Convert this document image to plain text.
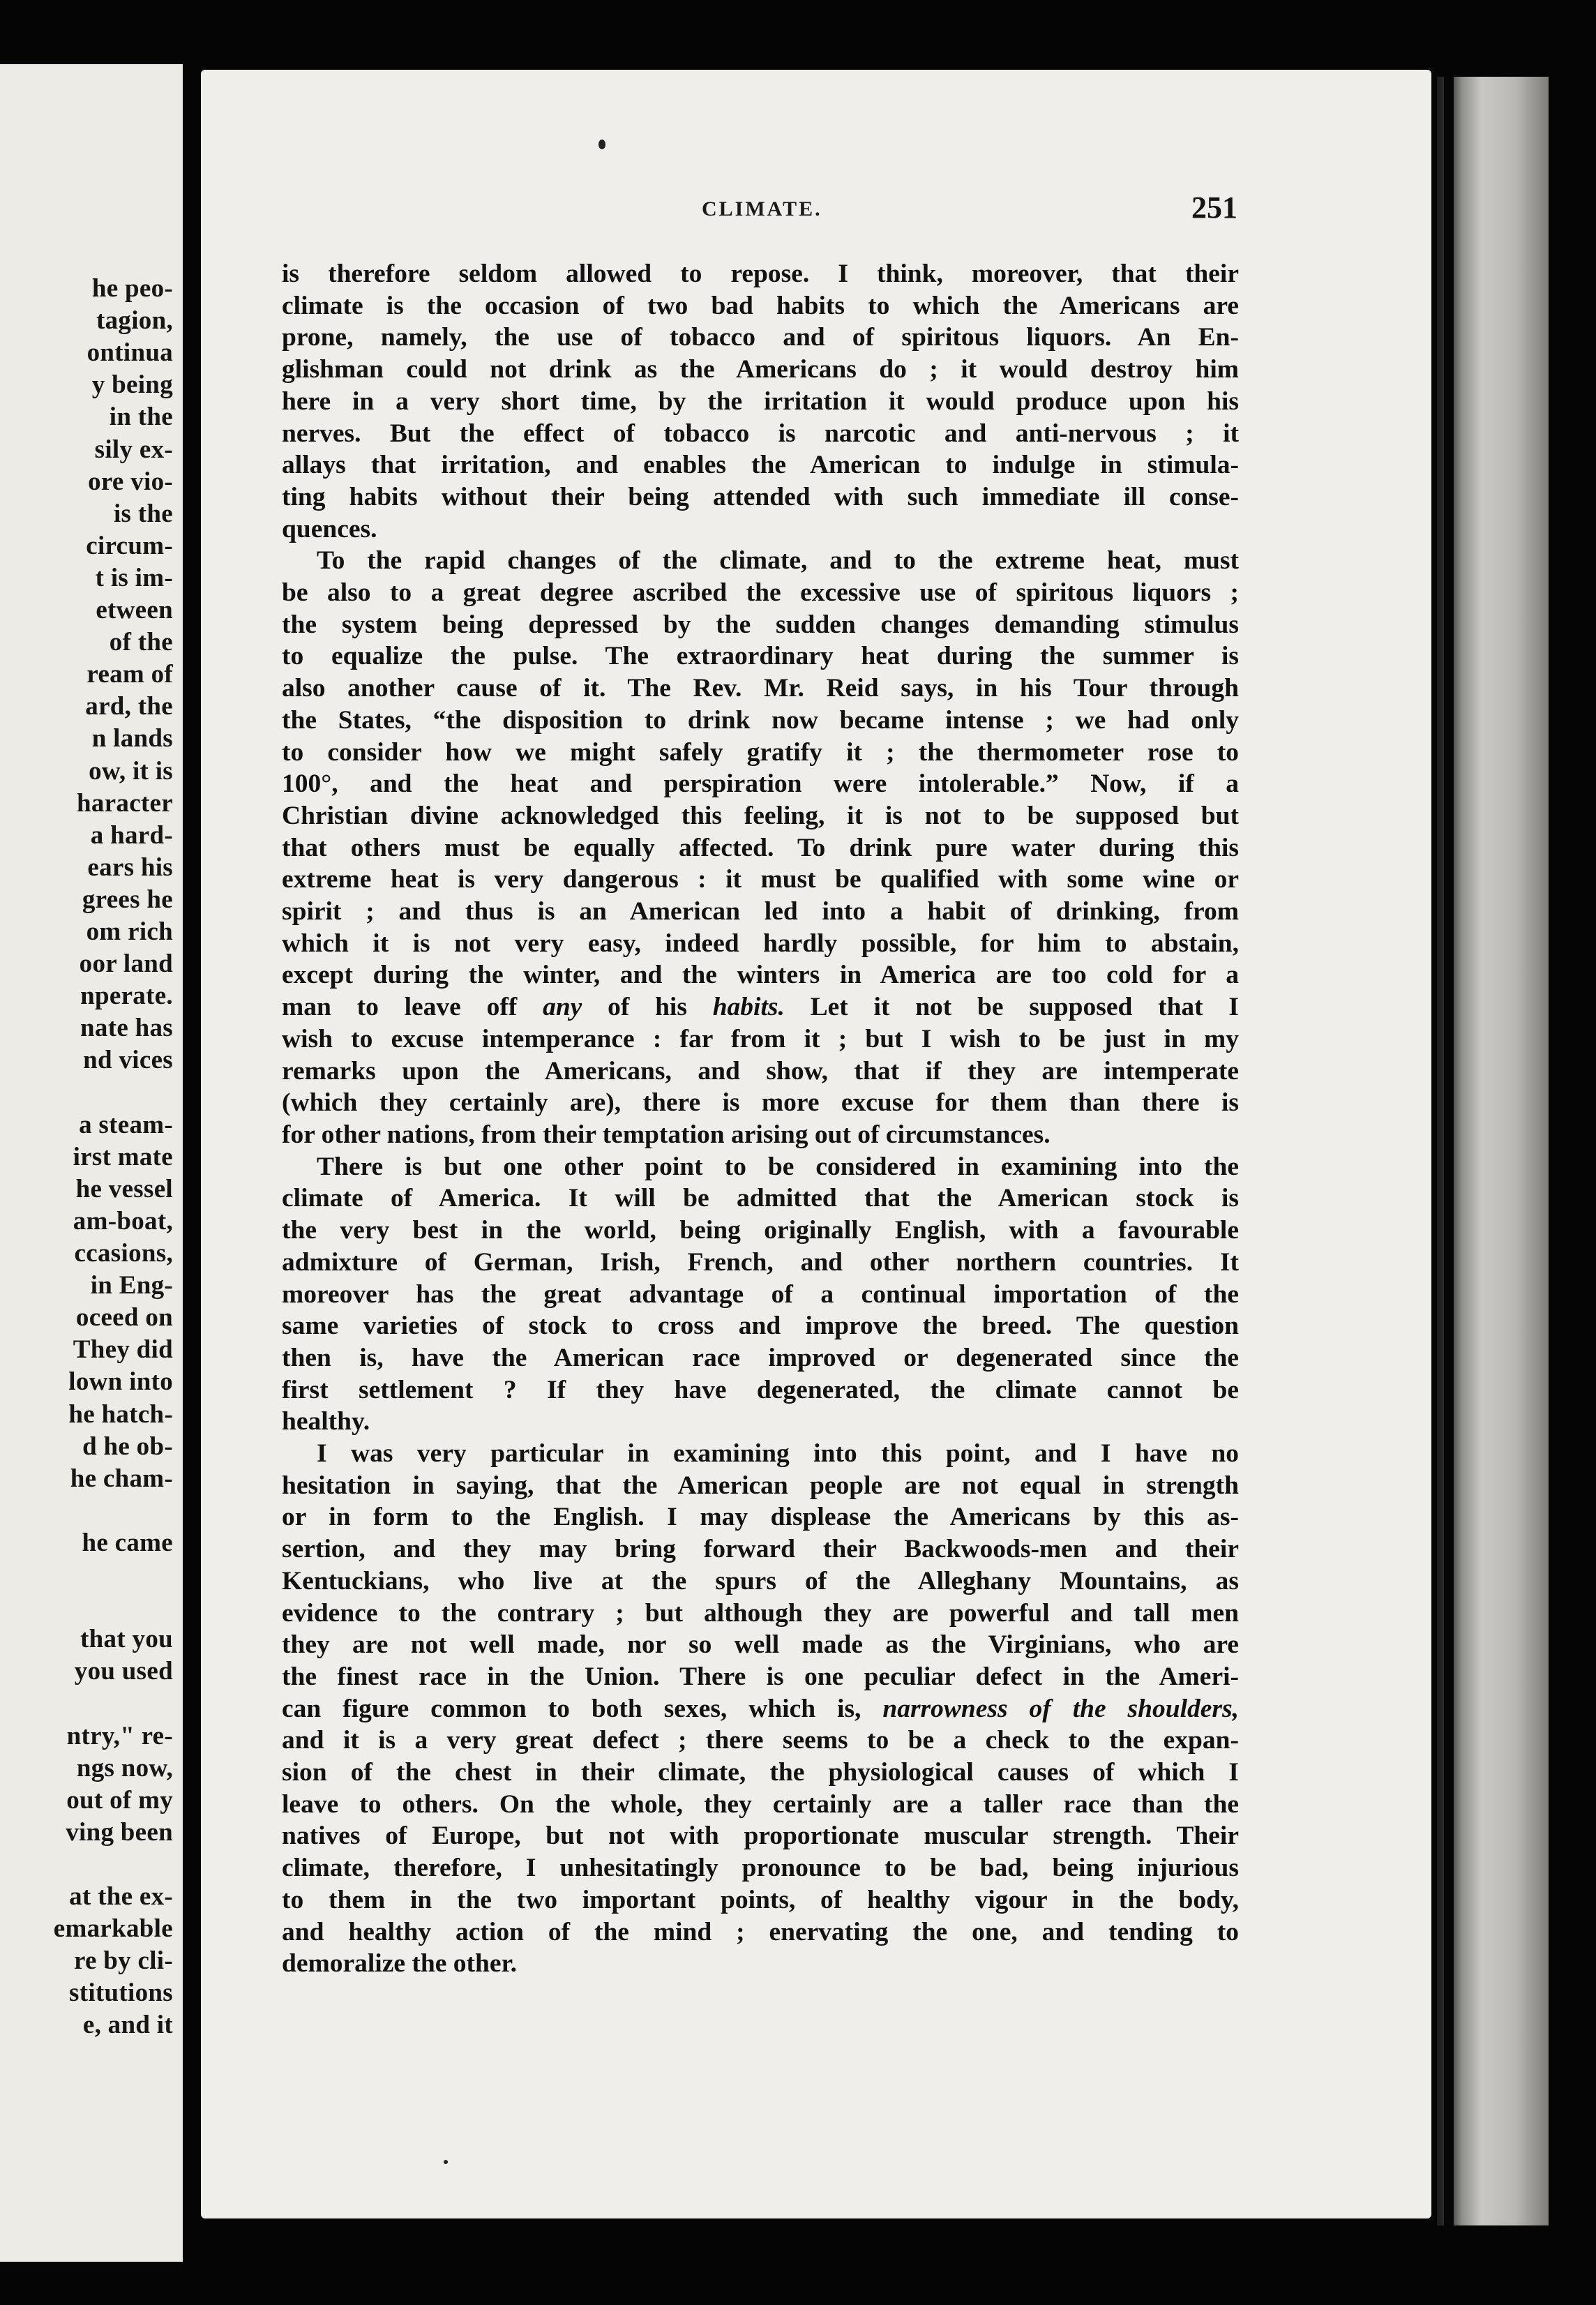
he peo-
tagion,
ontinua
y being
in the
sily ex-
ore vio-
is the
circum-
t is im-
etween
of the
ream of
ard, the
n lands
ow, it is
haracter
a hard-
ears his
grees he
om rich
oor land
nperate.
nate has
nd vices
a steam-
irst mate
he vessel
am-boat,
ccasions,
in Eng-
oceed on
They did
lown into
he hatch-
d he ob-
he cham-
he came
that you
you used
ntry," re-
ngs now,
out of my
ving been
at the ex-
emarkable
re by cli-
stitutions
e, and it
CLIMATE.	251

is therefore seldom allowed to repose. I think, moreover, that their

climate is the occasion of two bad habits to which the Americans are

prone, namely, the use of tobacco and of spiritous liquors. An En-

glishman could not drink as the Americans do ; it would destroy him

here in a very short time, by the irritation it would produce upon his

nerves. But the effect of tobacco is narcotic and anti-nervous ; it

allays that irritation, and enables the American to indulge in stimula-

ting habits without their being attended with such immediate ill conse-

quences.

To the rapid changes of the climate, and to the extreme heat, must

be also to a great degree ascribed the excessive use of spiritous liquors ;

the system being depressed by the sudden changes demanding stimulus

to equalize the pulse. The extraordinary heat during the summer is

also another cause of it. The Rev. Mr. Reid says, in his Tour through

the States, “the disposition to drink now became intense ; we had only

to consider how we might safely gratify it ; the thermometer rose to

100°, and the heat and perspiration were intolerable.” Now, if a

Christian divine acknowledged this feeling, it is not to be supposed but

that others must be equally affected. To drink pure water during this

extreme heat is very dangerous : it must be qualified with some wine or

spirit ; and thus is an American led into a habit of drinking, from

which it is not very easy, indeed hardly possible, for him to abstain,

except during the winter, and the winters in America are too cold for a

man to leave off any of his habits. Let it not be supposed that I

wish to excuse intemperance : far from it ; but I wish to be just in my

remarks upon the Americans, and show, that if they are intemperate

(which they certainly are), there is more excuse for them than there is

for other nations, from their temptation arising out of circumstances.

There is but one other point to be considered in examining into the

climate of America. It will be admitted that the American stock is

the very best in the world, being originally English, with a favourable

admixture of German, Irish, French, and other northern countries. It

moreover has the great advantage of a continual importation of the

same varieties of stock to cross and improve the breed. The question

then is, have the American race improved or degenerated since the

first settlement ? If they have degenerated, the climate cannot be

healthy.

I was very particular in examining into this point, and I have no

hesitation in saying, that the American people are not equal in strength

or in form to the English. I may displease the Americans by this as-

sertion, and they may bring forward their Backwoods-men and their

Kentuckians, who live at the spurs of the Alleghany Mountains, as

evidence to the contrary ; but although they are powerful and tall men

they are not well made, nor so well made as the Virginians, who are

the finest race in the Union. There is one peculiar defect in the Ameri-

can figure common to both sexes, which is, narrowness of the shoulders,

and it is a very great defect ; there seems to be a check to the expan-

sion of the chest in their climate, the physiological causes of which I

leave to others. On the whole, they certainly are a taller race than the

natives of Europe, but not with proportionate muscular strength. Their

climate, therefore, I unhesitatingly pronounce to be bad, being injurious

to them in the two important points, of healthy vigour in the body,

and healthy action of the mind ; enervating the one, and tending to

demoralize the other.
